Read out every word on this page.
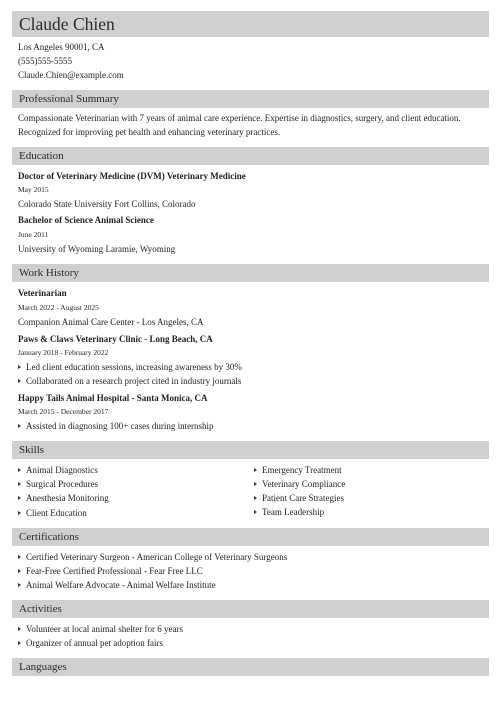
Claude Chien
Los Angeles 90001, CA
(555)555-5555
Claude.Chien@example.com
Professional Summary
Compassionate Veterinarian with 7 years of animal care experience. Expertise in diagnostics, surgery, and client education. Recognized for improving pet health and enhancing veterinary practices.
Education
Doctor of Veterinary Medicine (DVM) Veterinary Medicine
May 2015
Colorado State University Fort Collins, Colorado
Bachelor of Science Animal Science
June 2011
University of Wyoming Laramie, Wyoming
Work History
Veterinarian
March 2022 - August 2025
Companion Animal Care Center - Los Angeles, CA
Paws & Claws Veterinary Clinic - Long Beach, CA
January 2018 - February 2022
Led client education sessions, increasing awareness by 30%
Collaborated on a research project cited in industry journals
Happy Tails Animal Hospital - Santa Monica, CA
March 2015 - December 2017
Assisted in diagnosing 100+ cases during internship
Skills
Animal Diagnostics
Surgical Procedures
Anesthesia Monitoring
Client Education
Emergency Treatment
Veterinary Compliance
Patient Care Strategies
Team Leadership
Certifications
Certified Veterinary Surgeon - American College of Veterinary Surgeons
Fear-Free Certified Professional - Fear Free LLC
Animal Welfare Advocate - Animal Welfare Institute
Activities
Volunteer at local animal shelter for 6 years
Organizer of annual pet adoption fairs
Languages
